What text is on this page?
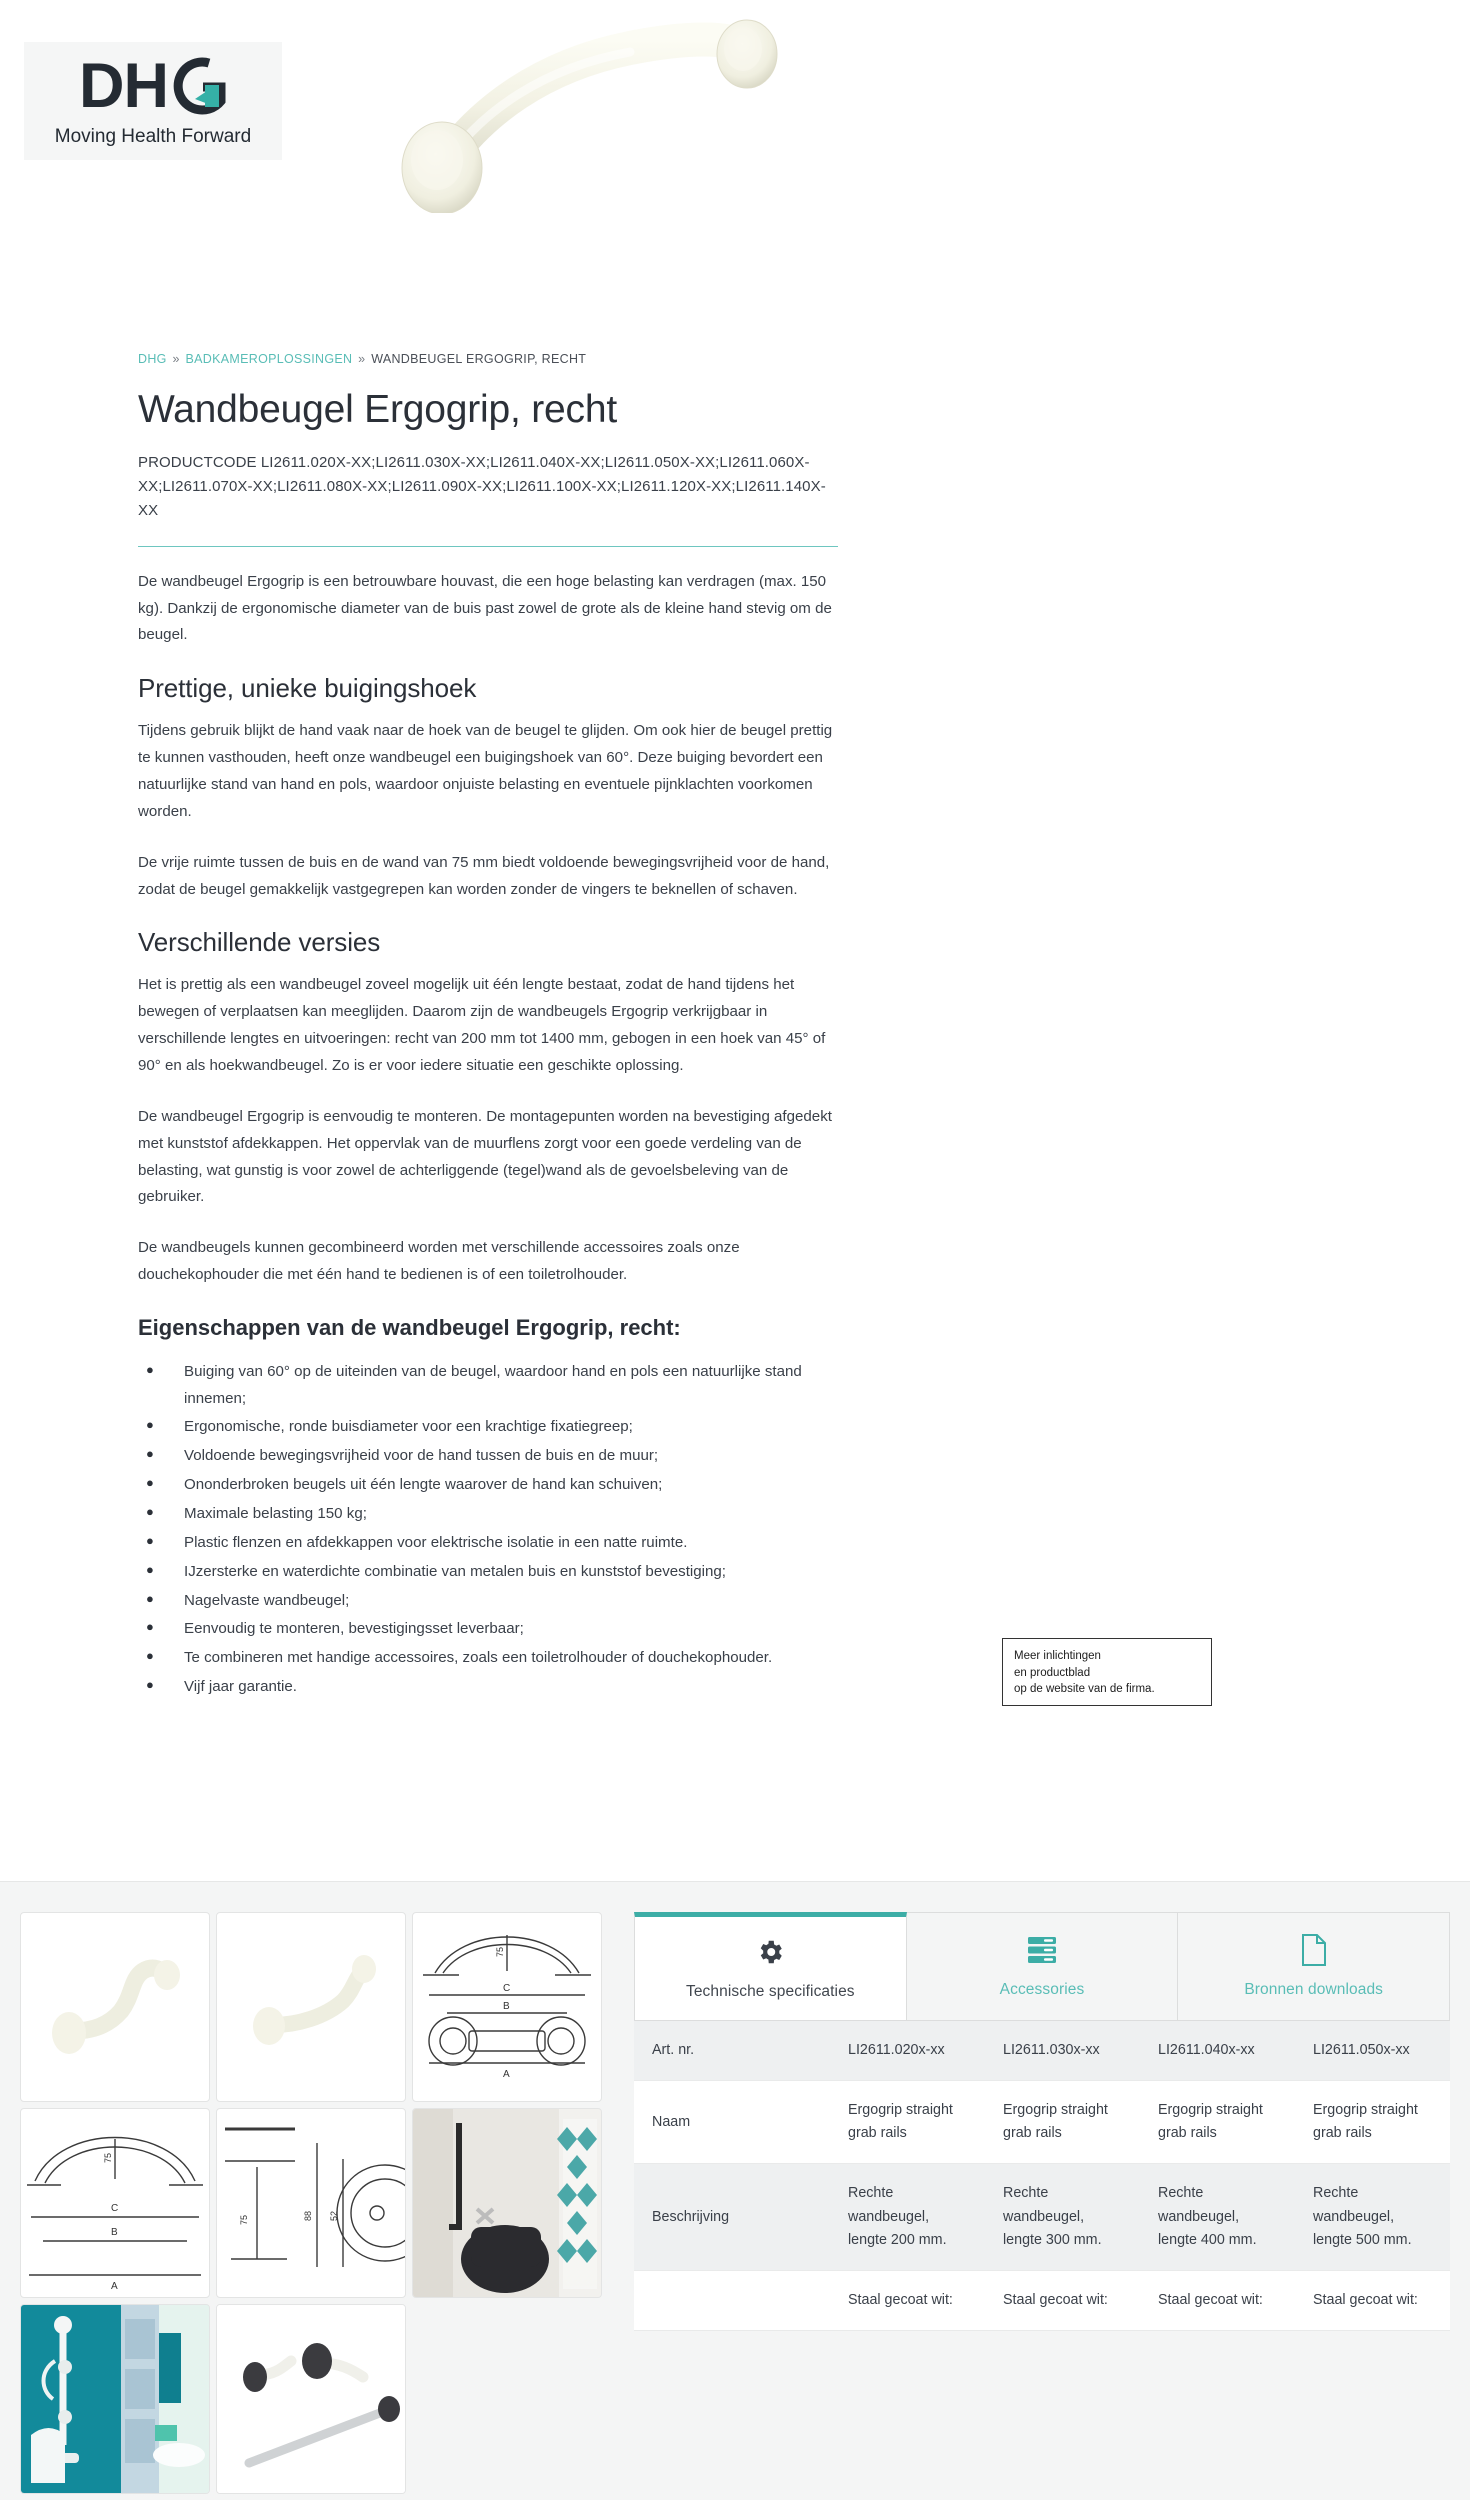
DH
Moving Health Forward
DHG » BADKAMEROPLOSSINGEN » WANDBEUGEL ERGOGRIP, RECHT
Wandbeugel Ergogrip, recht
PRODUCTCODE LI2611.020X-XX;LI2611.030X-XX;LI2611.040X-XX;LI2611.050X-XX;LI2611.060X-XX;LI2611.070X-XX;LI2611.080X-XX;LI2611.090X-XX;LI2611.100X-XX;LI2611.120X-XX;LI2611.140X-XX

De wandbeugel Ergogrip is een betrouwbare houvast, die een hoge belasting kan verdragen (max. 150 kg). Dankzij de ergonomische diameter van de buis past zowel de grote als de kleine hand stevig om de beugel.

Prettige, unieke buigingshoek

Tijdens gebruik blijkt de hand vaak naar de hoek van de beugel te glijden. Om ook hier de beugel prettig te kunnen vasthouden, heeft onze wandbeugel een buigingshoek van 60°. Deze buiging bevordert een natuurlijke stand van hand en pols, waardoor onjuiste belasting en eventuele pijnklachten voorkomen worden.

De vrije ruimte tussen de buis en de wand van 75 mm biedt voldoende bewegingsvrijheid voor de hand, zodat de beugel gemakkelijk vastgegrepen kan worden zonder de vingers te beknellen of schaven.

Verschillende versies

Het is prettig als een wandbeugel zoveel mogelijk uit één lengte bestaat, zodat de hand tijdens het bewegen of verplaatsen kan meeglijden. Daarom zijn de wandbeugels Ergogrip verkrijgbaar in verschillende lengtes en uitvoeringen: recht van 200 mm tot 1400 mm, gebogen in een hoek van 45° of 90° en als hoekwandbeugel. Zo is er voor iedere situatie een geschikte oplossing.

De wandbeugel Ergogrip is eenvoudig te monteren. De montagepunten worden na bevestiging afgedekt met kunststof afdekkappen. Het oppervlak van de muurflens zorgt voor een goede verdeling van de belasting, wat gunstig is voor zowel de achterliggende (tegel)wand als de gevoelsbeleving van de gebruiker.

De wandbeugels kunnen gecombineerd worden met verschillende accessoires zoals onze douchekophouder die met één hand te bedienen is of een toiletrolhouder.

Eigenschappen van de wandbeugel Ergogrip, recht:
● Buiging van 60° op de uiteinden van de beugel, waardoor hand en pols een natuurlijke stand innemen;
● Ergonomische, ronde buisdiameter voor een krachtige fixatiegreep;
● Voldoende bewegingsvrijheid voor de hand tussen de buis en de muur;
● Ononderbroken beugels uit één lengte waarover de hand kan schuiven;
● Maximale belasting 150 kg;
● Plastic flenzen en afdekkappen voor elektrische isolatie in een natte ruimte.
● IJzersterke en waterdichte combinatie van metalen buis en kunststof bevestiging;
● Nagelvaste wandbeugel;
● Eenvoudig te monteren, bevestigingsset leverbaar;
● Te combineren met handige accessoires, zoals een toiletrolhouder of douchekophouder.
● Vijf jaar garantie.
Meer inlichtingen
en productblad
op de website van de firma.
75
C
B
A
75
C
B
A
75	88 52
Technische specificaties	Accessories	Bronnen downloads
Art. nr.	LI2611.020x-xx	LI2611.030x-xx	LI2611.040x-xx	LI2611.050x-xx
Naam	Ergogrip straight grab rails	Ergogrip straight grab rails	Ergogrip straight grab rails	Ergogrip straight grab rails
Beschrijving	Rechte wandbeugel, lengte 200 mm.	Rechte wandbeugel, lengte 300 mm.	Rechte wandbeugel, lengte 400 mm.	Rechte wandbeugel, lengte 500 mm.
	Staal gecoat wit:	Staal gecoat wit:	Staal gecoat wit:	Staal gecoat wit:
